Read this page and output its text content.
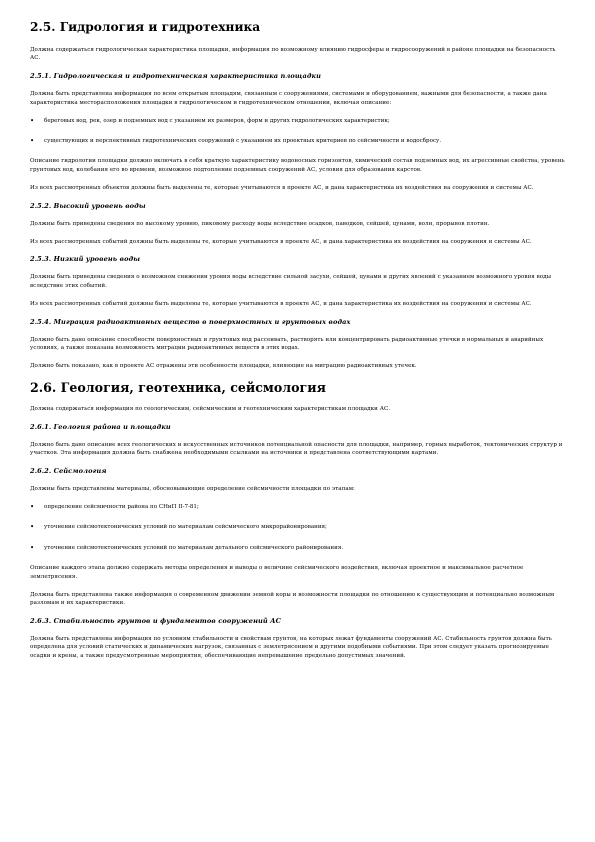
2.5. Гидрология и гидротехника

Должна содержаться гидрологическая характеристика площадки, информация по возможному влиянию гидросферы и гидросооружений в районе площадки на безопасность АС.

2.5.1. Гидрологическая и гидротехническая характеристика площадки

Должна быть представлена информация по всем открытым площадям, связанным с сооружениями, системами и оборудованием, важными для безопасности, а также дана характеристика месторасположения площадки в гидрологическом и гидротехническом отношении, включая описание:

• береговых вод, рек, озер и подземных вод с указанием их размеров, форм и других гидрологических характеристик;
• существующих и перспективных гидротехнических сооружений с указанием их проектных критериев по сейсмичности и водосбросу.

Описание гидрологии площадки должно включать в себя краткую характеристику водоносных горизонтов, химический состав подземных вод, их агрессивные свойства, уровень грунтовых вод, колебания его во времени, возможное подтопление подземных сооружений АС, условия для образования карстов.

Из всех рассмотренных объектов должны быть выделены те, которые учитываются в проекте АС, и дана характеристика их воздействия на сооружения и системы АС.

2.5.2. Высокий уровень воды

Должны быть приведены сведения по высокому уровню, пиковому расходу воды вследствие осадков, паводков, сейшей, цунами, волн, прорывов плотин.

Из всех рассмотренных событий должны быть выделены те, которые учитываются в проекте АС, и дана характеристика их воздействия на сооружения и системы АС.

2.5.3. Низкий уровень воды

Должны быть приведены сведения о возможном снижении уровня воды вследствие сильной засухи, сейшей, цунами и других явлений с указанием возможного уровня воды вследствие этих событий.

Из всех рассмотренных событий должны быть выделены те, которые учитываются в проекте АС, и дана характеристика их воздействия на сооружения и системы АС.

2.5.4. Миграция радиоактивных веществ в поверхностных и грунтовых водах

Должно быть дано описание способности поверхностных и грунтовых вод рассеивать, растворять или концентрировать радиоактивные утечки в нормальных и аварийных условиях, а также показана возможность миграции радиоактивных веществ в этих водах.

Должно быть показано, как в проекте АС отражены эти особенности площадки, влияющие на миграцию радиоактивных утечек.

2.6. Геология, геотехника, сейсмология

Должна содержаться информация по геологическим, сейсмическим и геотехническим характеристикам площадки АС.

2.6.1. Геология района и площадки

Должно быть дано описание всех геологических и искусственных источников потенциальной опасности для площадки, например, горных выработок, тектонических структур и участков. Эта информация должна быть снабжена необходимыми ссылками на источники и представлена соответствующими картами.

2.6.2. Сейсмология

Должны быть представлены материалы, обосновывающие определение сейсмичности площадки по этапам:

• определение сейсмичности района по СНиП II-7-81;
• уточнение сейсмотектонических условий по материалам сейсмического микрорайонирования;
• уточнение сейсмотектонических условий по материалам детального сейсмического районирования.

Описание каждого этапа должно содержать методы определения и выводы о величине сейсмического воздействия, включая проектное и максимальное расчетное землетрясения.

Должна быть представлена также информация о современном движении земной коры и возможности площадки по отношению к существующим и потенциально возможным разломам и их характеристики.

2.6.3. Стабильность грунтов и фундаментов сооружений АС

Должна быть представлена информация по условиям стабильности и свойствам грунтов, на которых лежат фундаменты сооружений АС. Стабильность грунтов должна быть определена для условий статических и динамических нагрузок, связанных с землетрясением и другими подобными событиями. При этом следует указать прогнозируемые осадки и крены, а также предусмотренные мероприятия, обеспечивающие непревышение предельно допустимых значений.
